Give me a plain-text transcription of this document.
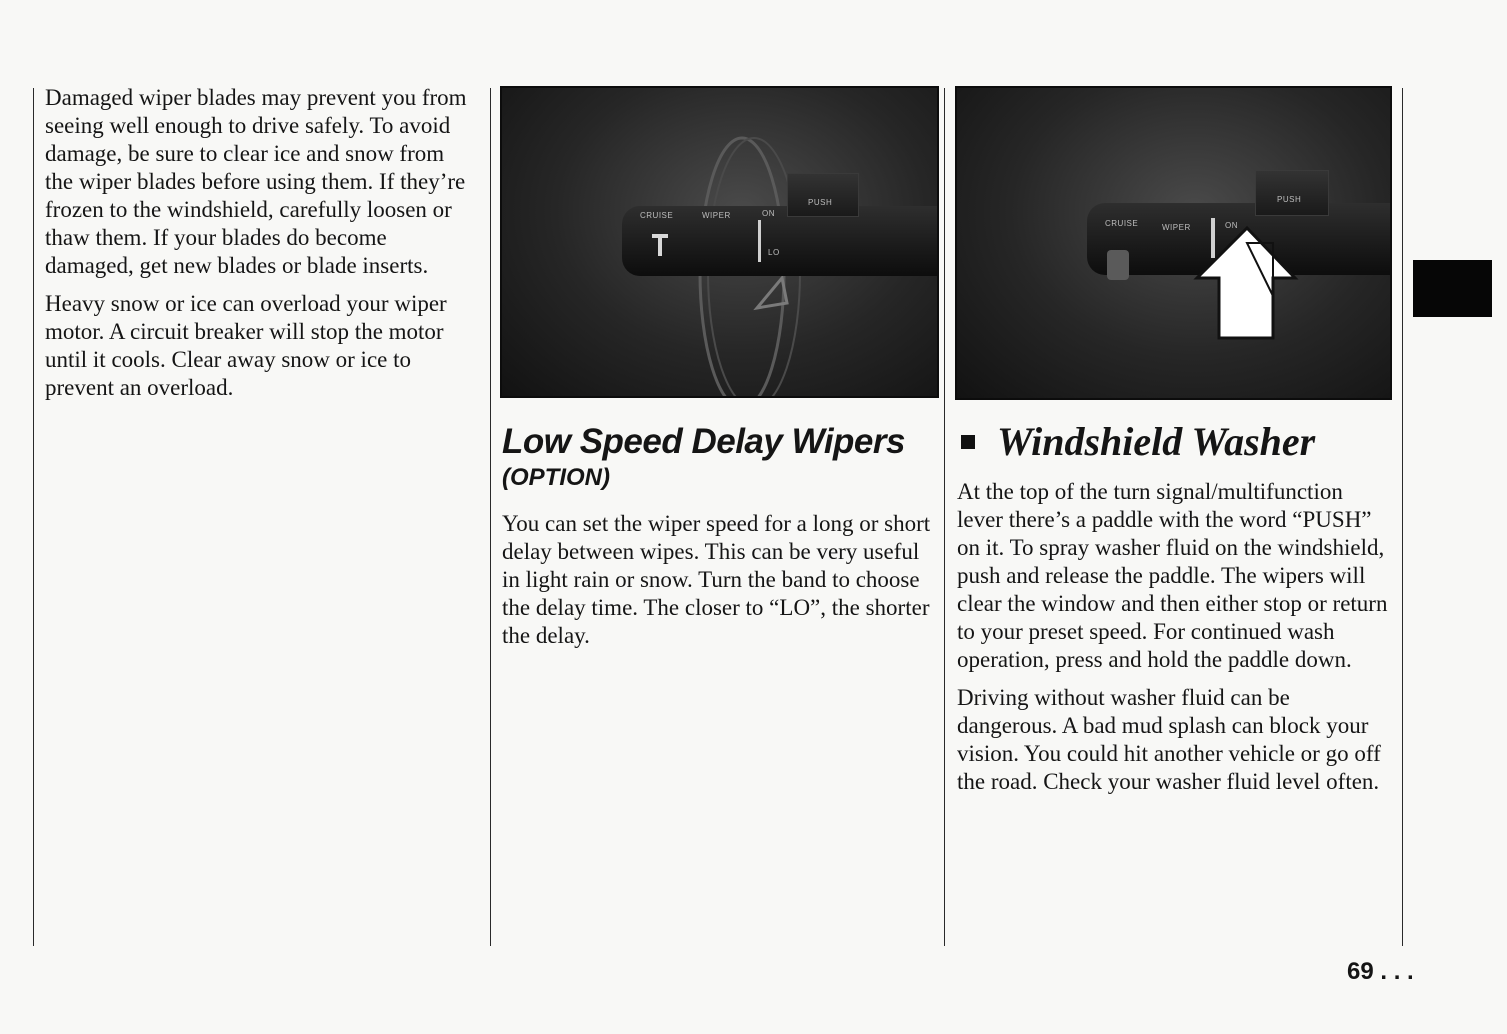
Damaged wiper blades may prevent you from seeing well enough to drive safely. To avoid damage, be sure to clear ice and snow from the wiper blades before using them. If they’re frozen to the windshield, carefully loosen or thaw them. If your blades do become damaged, get new blades or blade inserts.

Heavy snow or ice can overload your wiper motor. A circuit breaker will stop the motor until it cools. Clear away snow or ice to prevent an overload.

PUSH
CRUISE	WIPER	ON
LO
PUSH
CRUISE	WIPER	ON
Low Speed Delay Wipers
(OPTION)

You can set the wiper speed for a long or short delay between wipes. This can be very useful in light rain or snow. Turn the band to choose the delay time. The closer to “LO”, the shorter the delay.

Windshield Washer

At the top of the turn signal/multifunction lever there’s a paddle with the word “PUSH” on it. To spray washer fluid on the windshield, push and release the paddle. The wipers will clear the window and then either stop or return to your preset speed. For continued wash operation, press and hold the paddle down.

Driving without washer fluid can be dangerous. A bad mud splash can block your vision. You could hit another vehicle or go off the road. Check your washer fluid level often.

69 . . .
